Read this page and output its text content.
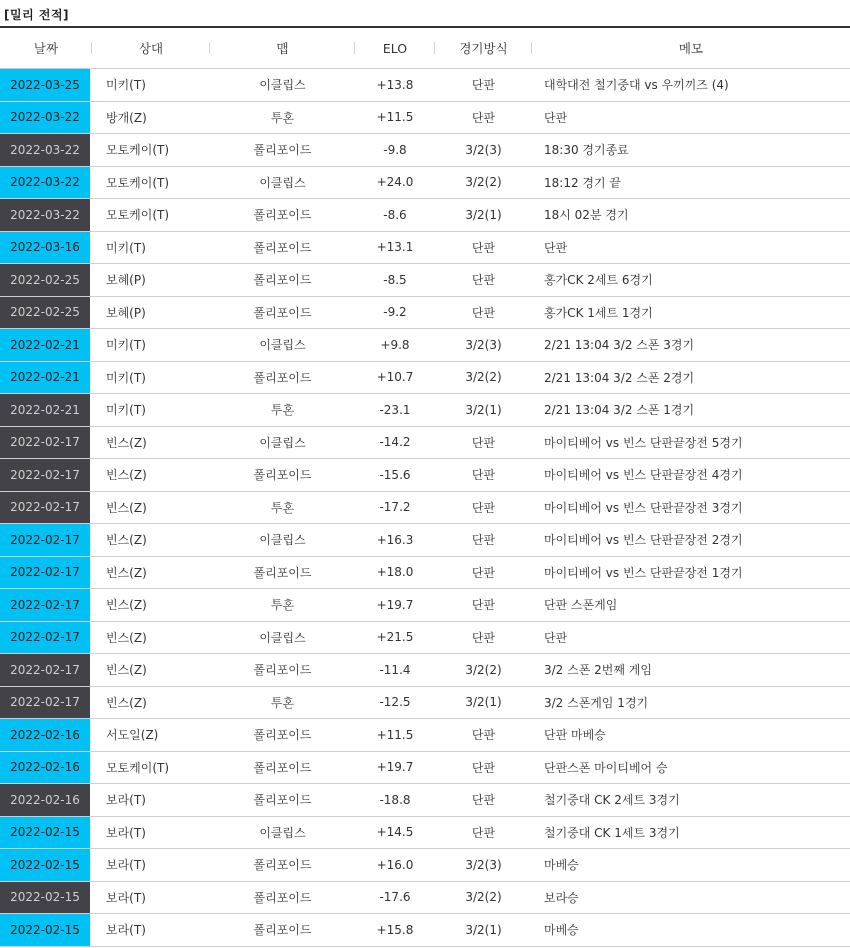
[밀리 전적]
날짜	상대	맵	ELO	경기방식	메모
2022-03-25	미키(T)	이클립스	+13.8	단판	대학대전 철기중대 vs 우끼끼즈 (4)
2022-03-22	방개(Z)	투혼	+11.5	단판	단판
2022-03-22	모토케이(T)	폴리포이드	-9.8	3/2(3)	18:30 경기종료
2022-03-22	모토케이(T)	이클립스	+24.0	3/2(2)	18:12 경기 끝
2022-03-22	모토케이(T)	폴리포이드	-8.6	3/2(1)	18시 02분 경기
2022-03-16	미키(T)	폴리포이드	+13.1	단판	단판
2022-02-25	보혜(P)	폴리포이드	-8.5	단판	홍가CK 2세트 6경기
2022-02-25	보혜(P)	폴리포이드	-9.2	단판	홍가CK 1세트 1경기
2022-02-21	미키(T)	이클립스	+9.8	3/2(3)	2/21 13:04 3/2 스폰 3경기
2022-02-21	미키(T)	폴리포이드	+10.7	3/2(2)	2/21 13:04 3/2 스폰 2경기
2022-02-21	미키(T)	투혼	-23.1	3/2(1)	2/21 13:04 3/2 스폰 1경기
2022-02-17	빈스(Z)	이클립스	-14.2	단판	마이티베어 vs 빈스 단판끝장전 5경기
2022-02-17	빈스(Z)	폴리포이드	-15.6	단판	마이티베어 vs 빈스 단판끝장전 4경기
2022-02-17	빈스(Z)	투혼	-17.2	단판	마이티베어 vs 빈스 단판끝장전 3경기
2022-02-17	빈스(Z)	이클립스	+16.3	단판	마이티베어 vs 빈스 단판끝장전 2경기
2022-02-17	빈스(Z)	폴리포이드	+18.0	단판	마이티베어 vs 빈스 단판끝장전 1경기
2022-02-17	빈스(Z)	투혼	+19.7	단판	단판 스폰게임
2022-02-17	빈스(Z)	이클립스	+21.5	단판	단판
2022-02-17	빈스(Z)	폴리포이드	-11.4	3/2(2)	3/2 스폰 2번째 게임
2022-02-17	빈스(Z)	투혼	-12.5	3/2(1)	3/2 스폰게임 1경기
2022-02-16	서도일(Z)	폴리포이드	+11.5	단판	단판 마베승
2022-02-16	모토케이(T)	폴리포이드	+19.7	단판	단판스폰 마이티베어 승
2022-02-16	보라(T)	폴리포이드	-18.8	단판	철기중대 CK 2세트 3경기
2022-02-15	보라(T)	이클립스	+14.5	단판	철기중대 CK 1세트 3경기
2022-02-15	보라(T)	폴리포이드	+16.0	3/2(3)	마베승
2022-02-15	보라(T)	폴리포이드	-17.6	3/2(2)	보라승
2022-02-15	보라(T)	폴리포이드	+15.8	3/2(1)	마베승
